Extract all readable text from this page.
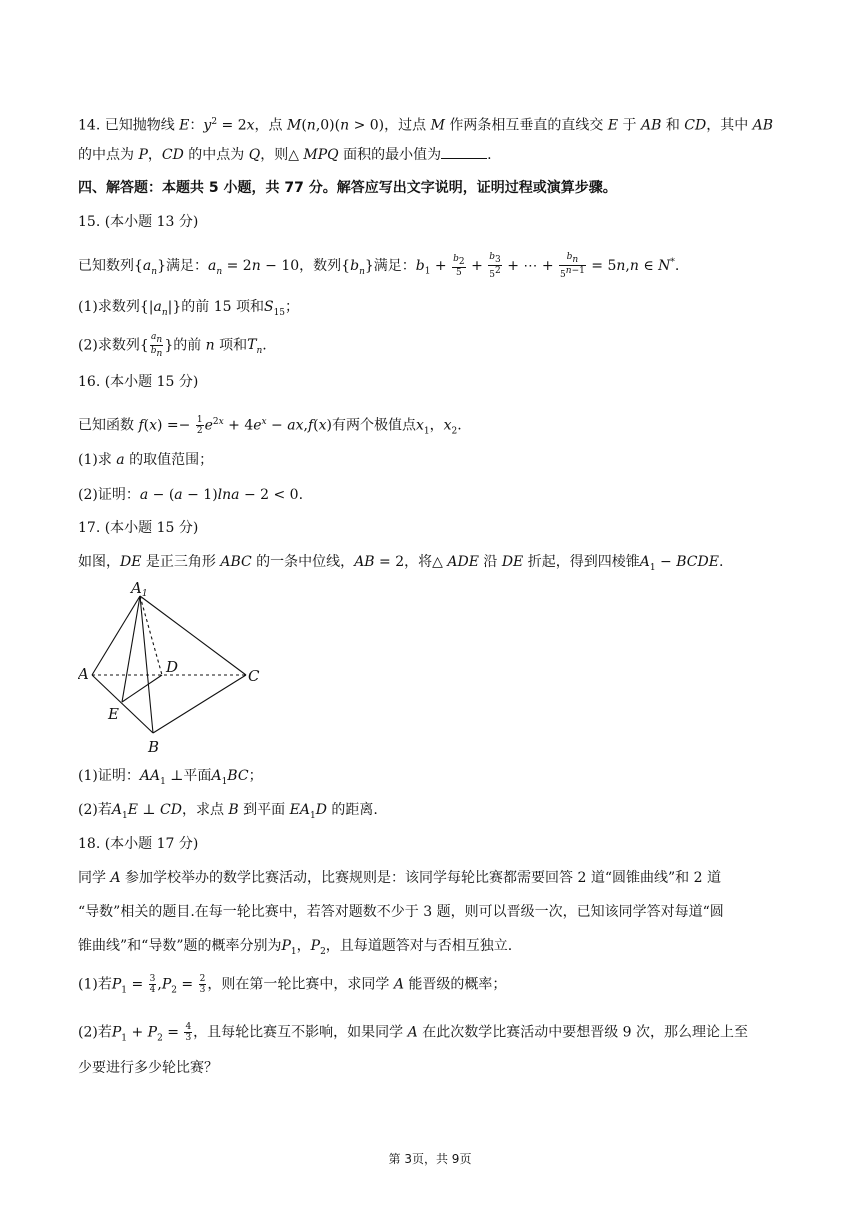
14. 已知抛物线 E：$y^2 = 2x$，点 M(n,0)(n > 0)，过点 M 作两条相互垂直的直线交 E 于 AB 和 CD，其中 AB
的中点为 P，CD 的中点为 Q，则△ MPQ 面积的最小值为	.
四、解答题：本题共 5 小题，共 77 分。解答应写出文字说明，证明过程或演算步骤。
15. (本小题 13 分)
已知数列$\{a_n\}$满足：$a_n = 2n - 10$，数列$\{b_n\}$满足：$b_1 + \frac{b_2}{5} + \frac{b_3}{5^2}$ + ⋯ + $\frac{b_n}{5^{n-1}} = 5n,n$ ∈ N*.
(1)求数列$\{|a_n|\}$的前 15 项和$S_{15}$；
(2)求数列{ $\frac{a_n}{b_n}$ }的前 n 项和$T_n$.
16. (本小题 15 分)
已知函数 $f(x) =- \frac{1}{2} e^{2x} + 4e^x - ax,f(x)$有两个极值点$x_1$，$x_2$.
(1)求 a 的取值范围；
(2)证明：a − (a − 1)lna − 2 < 0.
17. (本小题 15 分)
如图，DE 是正三角形 ABC 的一条中位线，AB = 2，将△ ADE 沿 DE 折起，得到四棱锥$A_1$ − BCDE.
$A_1$
A	D	C
E
B
(1)证明：$AA_1$ ⊥平面$A_1BC$；
(2)若$A_1E$ ⊥ CD，求点 B 到平面 $EA_1D$ 的距离.
18. (本小题 17 分)
同学 A 参加学校举办的数学比赛活动，比赛规则是：该同学每轮比赛都需要回答 2 道“圆锥曲线”和 2 道
“导数”相关的题目.在每一轮比赛中，若答对题数不少于 3 题，则可以晋级一次，已知该同学答对每道“圆
锥曲线”和“导数”题的概率分别为$P_1$，$P_2$，且每道题答对与否相互独立.
(1)若$P_1 = \frac{3}{4} ,P_2 = \frac{2}{3}$ ，则在第一轮比赛中，求同学 A 能晋级的概率；
(2)若$P_1 + P_2 = \frac{4}{3}$ ，且每轮比赛互不影响，如果同学 A 在此次数学比赛活动中要想晋级 9 次，那么理论上至
少要进行多少轮比赛？
第 3页，共 9页
